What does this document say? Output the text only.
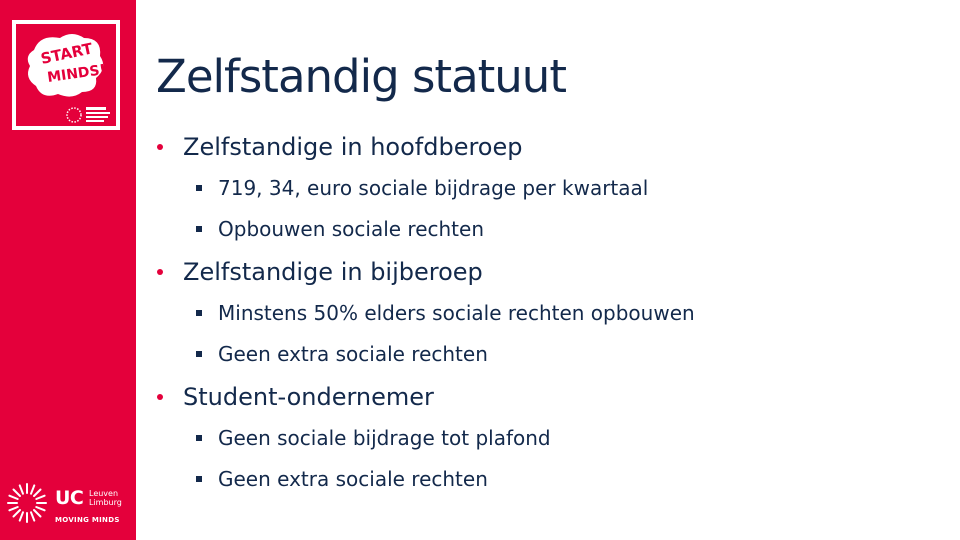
START
MINDS!
UC Leuven
Limburg
MOVING MINDS
Zelfstandig statuut
Zelfstandige in hoofdberoep
719, 34, euro sociale bijdrage per kwartaal
Opbouwen sociale rechten
Zelfstandige in bijberoep
Minstens 50% elders sociale rechten opbouwen
Geen extra sociale rechten
Student-ondernemer
Geen sociale bijdrage tot plafond
Geen extra sociale rechten
